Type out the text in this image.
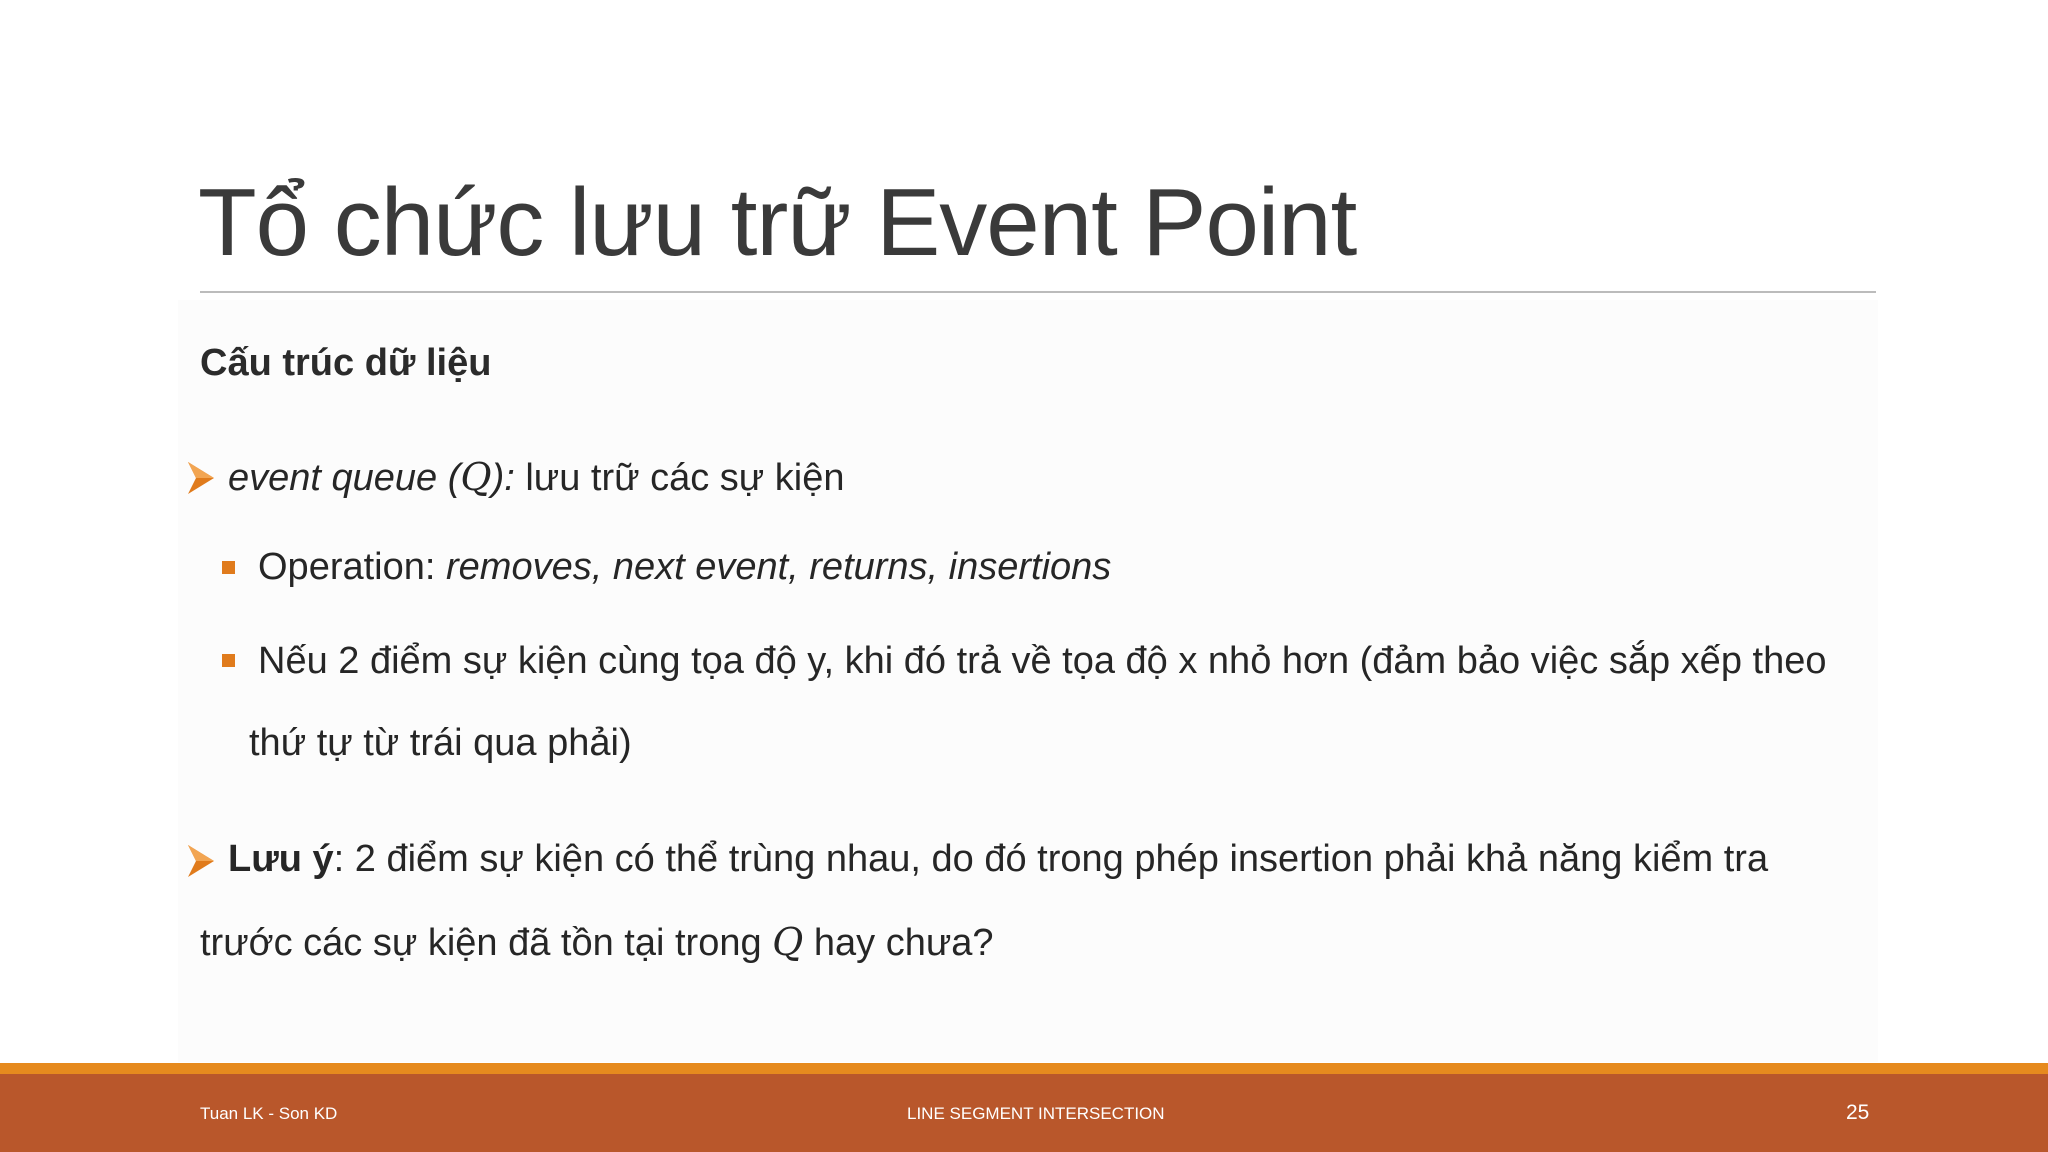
Tổ chức lưu trữ Event Point
Cấu trúc dữ liệu
event queue (𝑄): lưu trữ các sự kiện
Operation: removes, next event, returns, insertions
Nếu 2 điểm sự kiện cùng tọa độ y, khi đó trả về tọa độ x nhỏ hơn (đảm bảo việc sắp xếp theo
thứ tự từ trái qua phải)
Lưu ý: 2 điểm sự kiện có thể trùng nhau, do đó trong phép insertion phải khả năng kiểm tra
trước các sự kiện đã tồn tại trong 𝑄 hay chưa?
Tuan LK - Son KD	LINE SEGMENT INTERSECTION	25
